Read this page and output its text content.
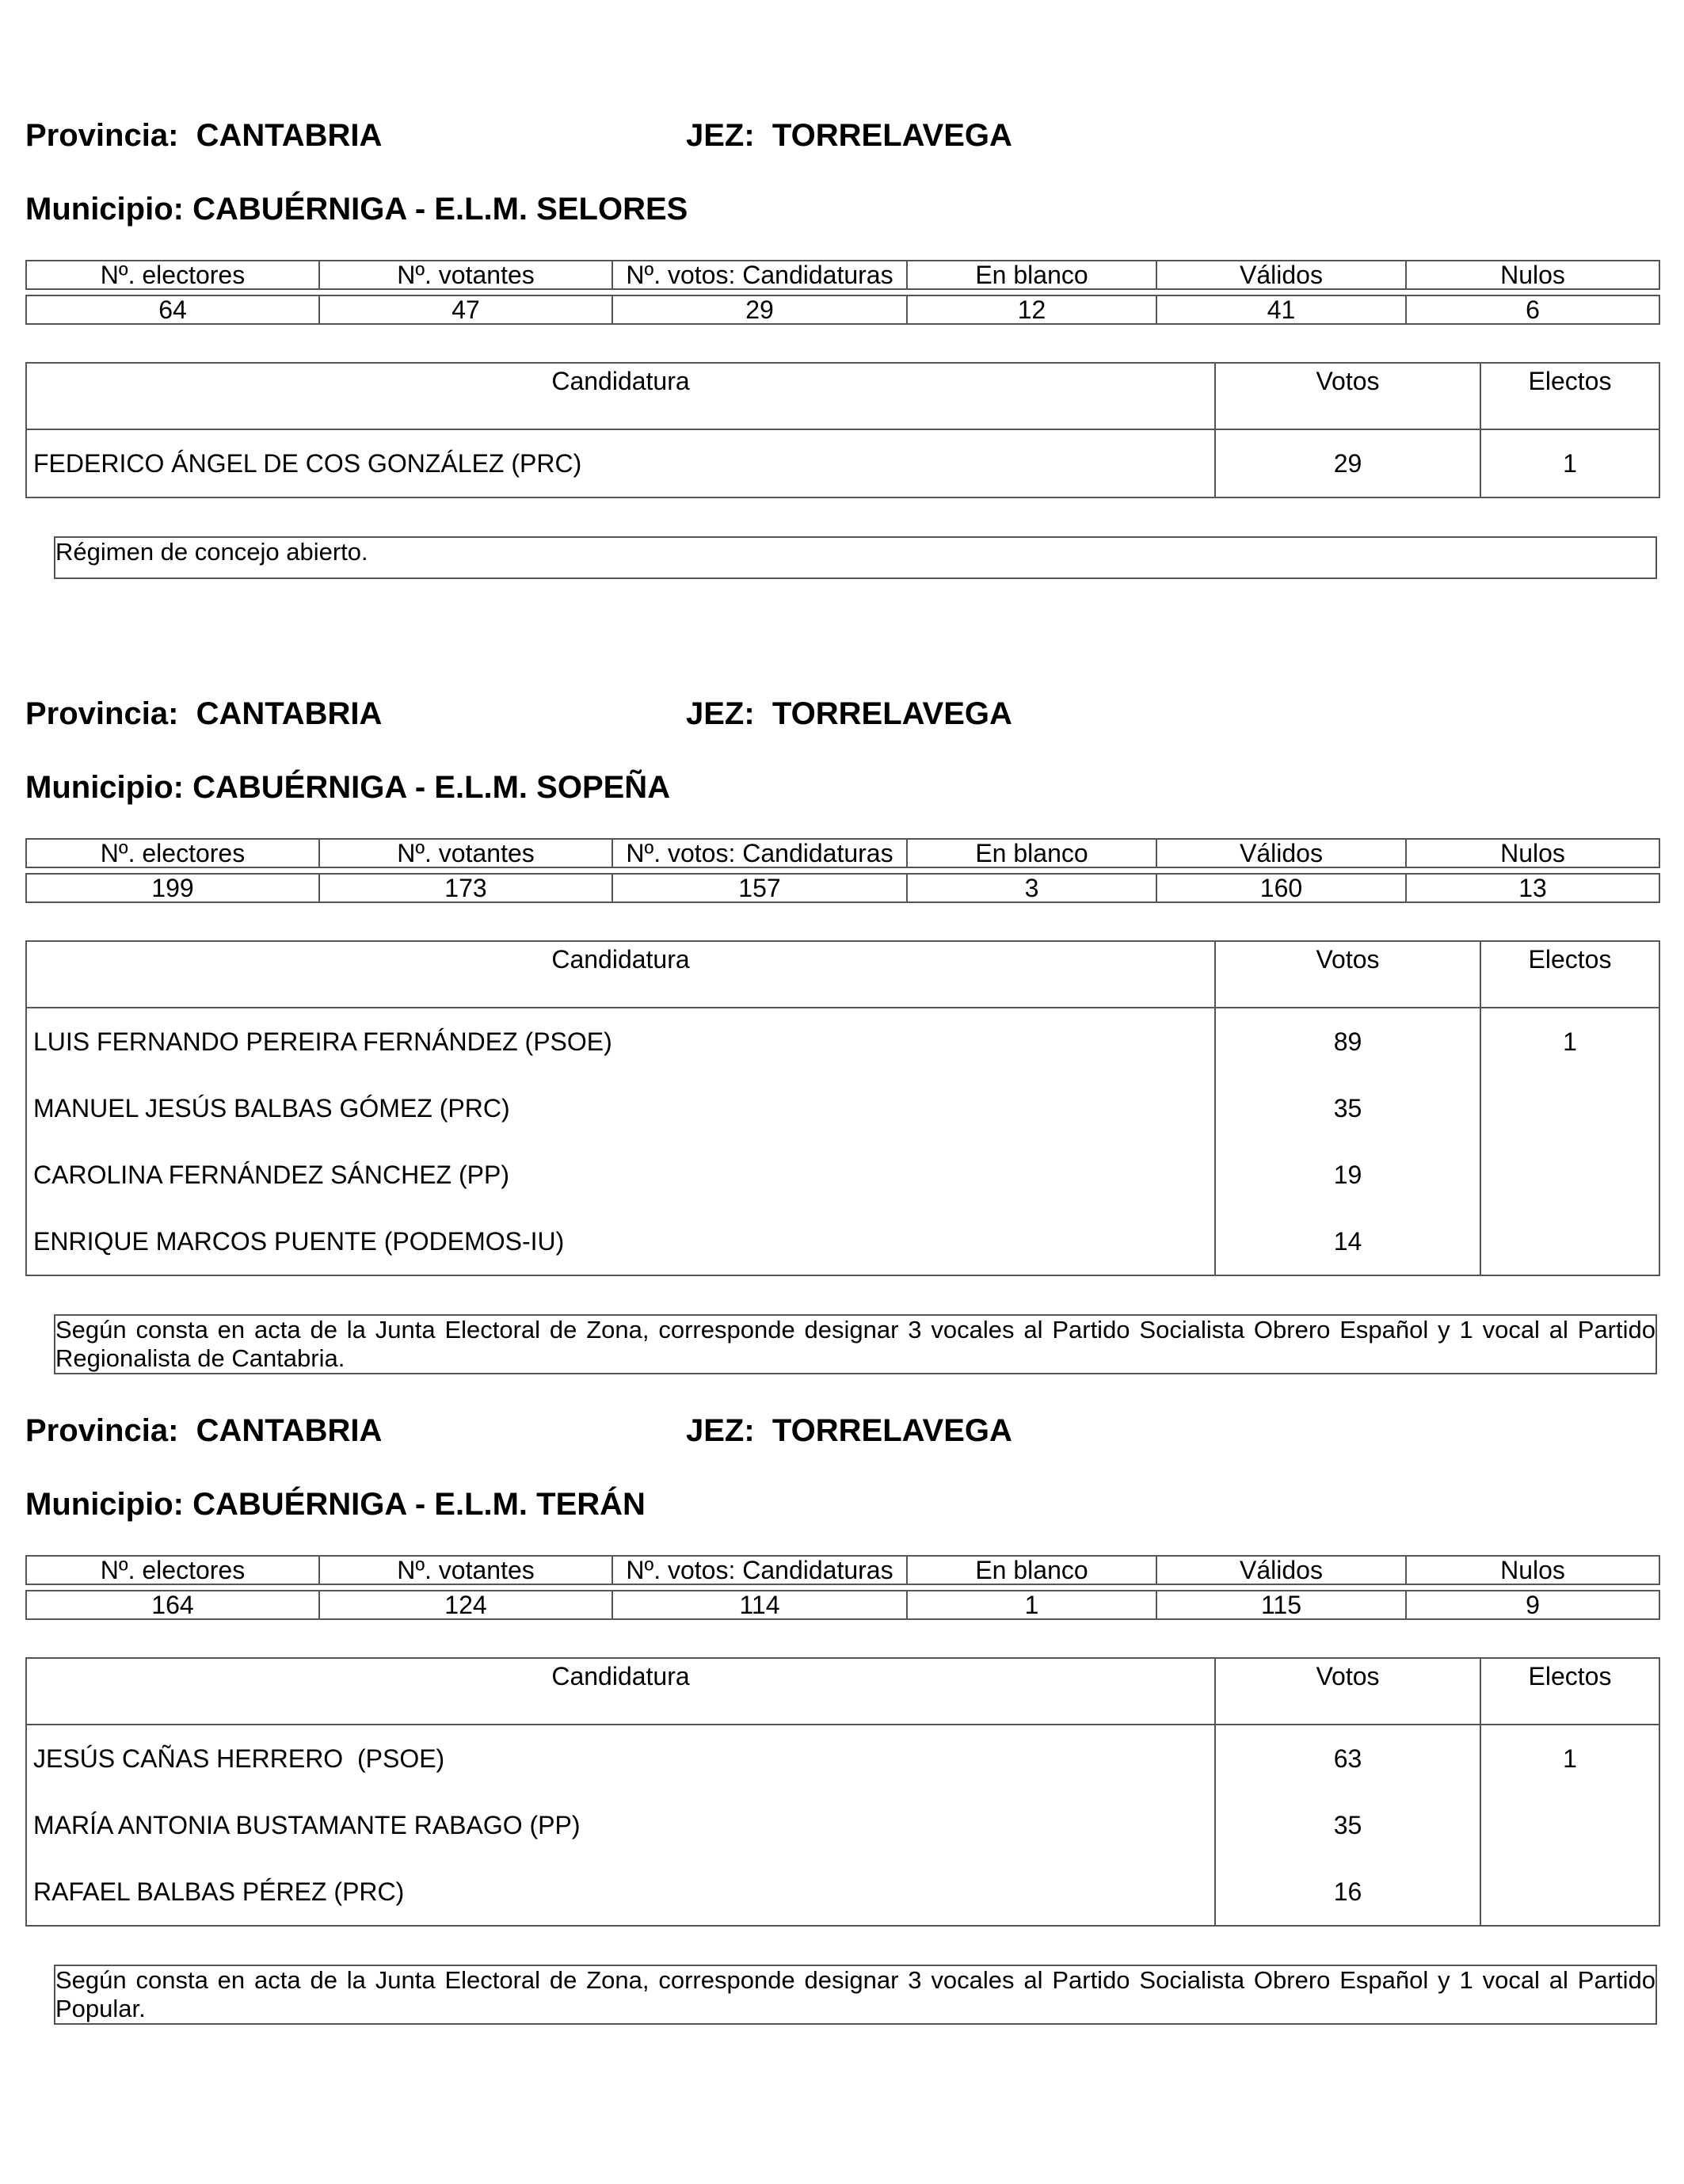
Provincia: CANTABRIA	JEZ: TORRELAVEGA
Municipio: CABUÉRNIGA - E.L.M. SELORES
Nº. electores	Nº. votantes	Nº. votos: Candidaturas	En blanco	Válidos	Nulos

64	47	29	12	41	6
Candidatura	Votos	Electos
FEDERICO ÁNGEL DE COS GONZÁLEZ (PRC)	29	1
Régimen de concejo abierto.
Provincia: CANTABRIA	JEZ: TORRELAVEGA
Municipio: CABUÉRNIGA - E.L.M. SOPEÑA
Nº. electores	Nº. votantes	Nº. votos: Candidaturas	En blanco	Válidos	Nulos

199	173	157	3	160	13
Candidatura	Votos	Electos
LUIS FERNANDO PEREIRA FERNÁNDEZ (PSOE)	89	1
MANUEL JESÚS BALBAS GÓMEZ (PRC)	35	
CAROLINA FERNÁNDEZ SÁNCHEZ (PP)	19	
ENRIQUE MARCOS PUENTE (PODEMOS-IU)	14	
Según consta en acta de la Junta Electoral de Zona, corresponde designar 3 vocales al Partido Socialista Obrero Español y 1 vocal al Partido Regionalista de Cantabria.
Provincia: CANTABRIA	JEZ: TORRELAVEGA
Municipio: CABUÉRNIGA - E.L.M. TERÁN
Nº. electores	Nº. votantes	Nº. votos: Candidaturas	En blanco	Válidos	Nulos

164	124	114	1	115	9
Candidatura	Votos	Electos
JESÚS CAÑAS HERRERO  (PSOE)	63	1
MARÍA ANTONIA BUSTAMANTE RABAGO (PP)	35	
RAFAEL BALBAS PÉREZ (PRC)	16	
Según consta en acta de la Junta Electoral de Zona, corresponde designar 3 vocales al Partido Socialista Obrero Español y 1 vocal al Partido Popular.
